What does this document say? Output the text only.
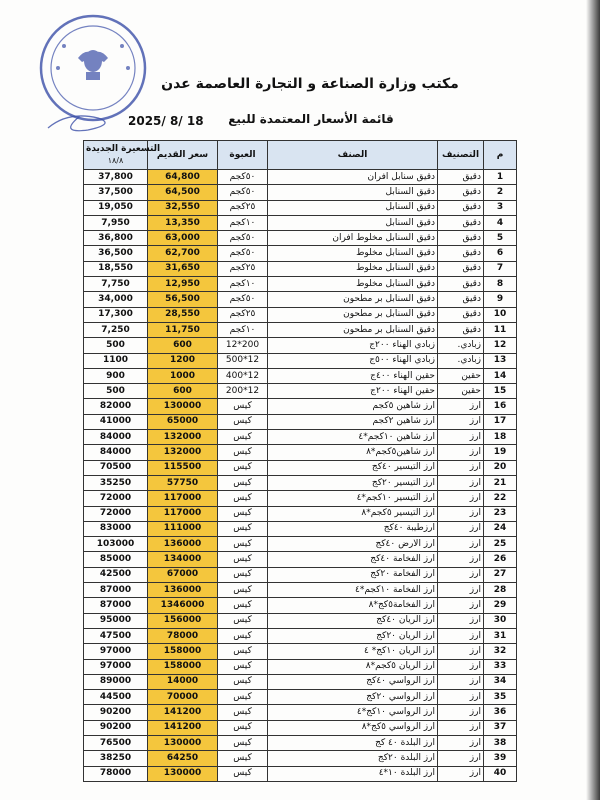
مكتب وزارة الصناعة و التجارة العاصمة عدن
قائمة الأسعار المعتمدة للبيع
2025/ 8/ 18
التسعيرة الجديدة
١٨/٨	سعر القديم	العبوة	الصنف	التصنيف	م
37,800	64,800	٥٠كجم	دقيق سنابل افران	دقيق	1
37,500	64,500	٥٠كجم	دقيق السنابل	دقيق	2
19,050	32,550	٢٥كجم	دقيق السنابل	دقيق	3
7,950	13,350	١٠كجم	دقيق السنابل	دقيق	4
36,800	63,000	٥٠كجم	دقيق السنابل مخلوط افران	دقيق	5
36,500	62,700	٥٠كجم	دقيق السنابل مخلوط	دقيق	6
18,550	31,650	٢٥كجم	دقيق السنابل مخلوط	دقيق	7
7,750	12,950	١٠كجم	دقيق السنابل مخلوط	دقيق	8
34,000	56,500	٥٠كجم	دقيق السنابل بر مطحون	دقيق	9
17,300	28,550	٢٥كجم	دقيق السنابل بر مطحون	دقيق	10
7,250	11,750	١٠كجم	دقيق السنابل بر مطحون	دقيق	11
500	600	200*12	زبادي الهناء ٢٠٠ج	زبادي.	12
1100	1200	12*500	زبادي الهناء ٥٠٠ج	زبادي.	13
900	1000	12*400	حقين الهناء ٤٠٠ج	حقين	14
500	600	12*200	حقين الهناء ٢٠٠ج	حقين	15
82000	130000	كيس	ارز شاهين ٥كجم	ارز	16
41000	65000	كيس	ارز شاهين ٢كجم	ارز	17
84000	132000	كيس	ارز شاهين ١٠كجم*٤	ارز	18
84000	132000	كيس	ارز شاهين٥كجم*٨	ارز	19
70500	115500	كيس	ارز التيسير ٤٠كج	ارز	20
35250	57750	كيس	ارز التيسير ٢٠كج	ارز	21
72000	117000	كيس	ارز التيسير ١٠كجم*٤	ارز	22
72000	117000	كيس	ارز التيسير ٥كجم*٨	ارز	23
83000	111000	كيس	ارزطيبة ٤٠كج	ارز	24
103000	136000	كيس	ارز الارض ٤٠كج	ارز	25
85000	134000	كيس	ارز الفخامة ٤٠كج	ارز	26
42500	67000	كيس	ارز الفخامة ٢٠كج	ارز	27
87000	136000	كيس	ارز الفخامة ١٠كجم*٤	ارز	28
87000	1346000	كيس	ارز الفخامة٥كج*٨	ارز	29
95000	156000	كيس	ارز الريان ٤٠كج	ارز	30
47500	78000	كيس	ارز الريان ٢٠كج	ارز	31
97000	158000	كيس	ارز الريان ١٠كج* ٤	ارز	32
97000	158000	كيس	ارز الريان ٥كجم*٨	ارز	33
89000	14000	كيس	ارز الرواسي ٤٠كج	ارز	34
44500	70000	كيس	ارز الرواسي ٢٠كج	ارز	35
90200	141200	كيس	ارز الرواسي ١٠كج*٤	ارز	36
90200	141200	كيس	ارز الرواسي ٥كج*٨	ارز	37
76500	130000	كيس	ارز البلدة ٤٠ كج	ارز	38
38250	64250	كيس	ارز البلدة ٢٠كج	ارز	39
78000	130000	كيس	ارز البلدة ١٠*٤	ارز	40
